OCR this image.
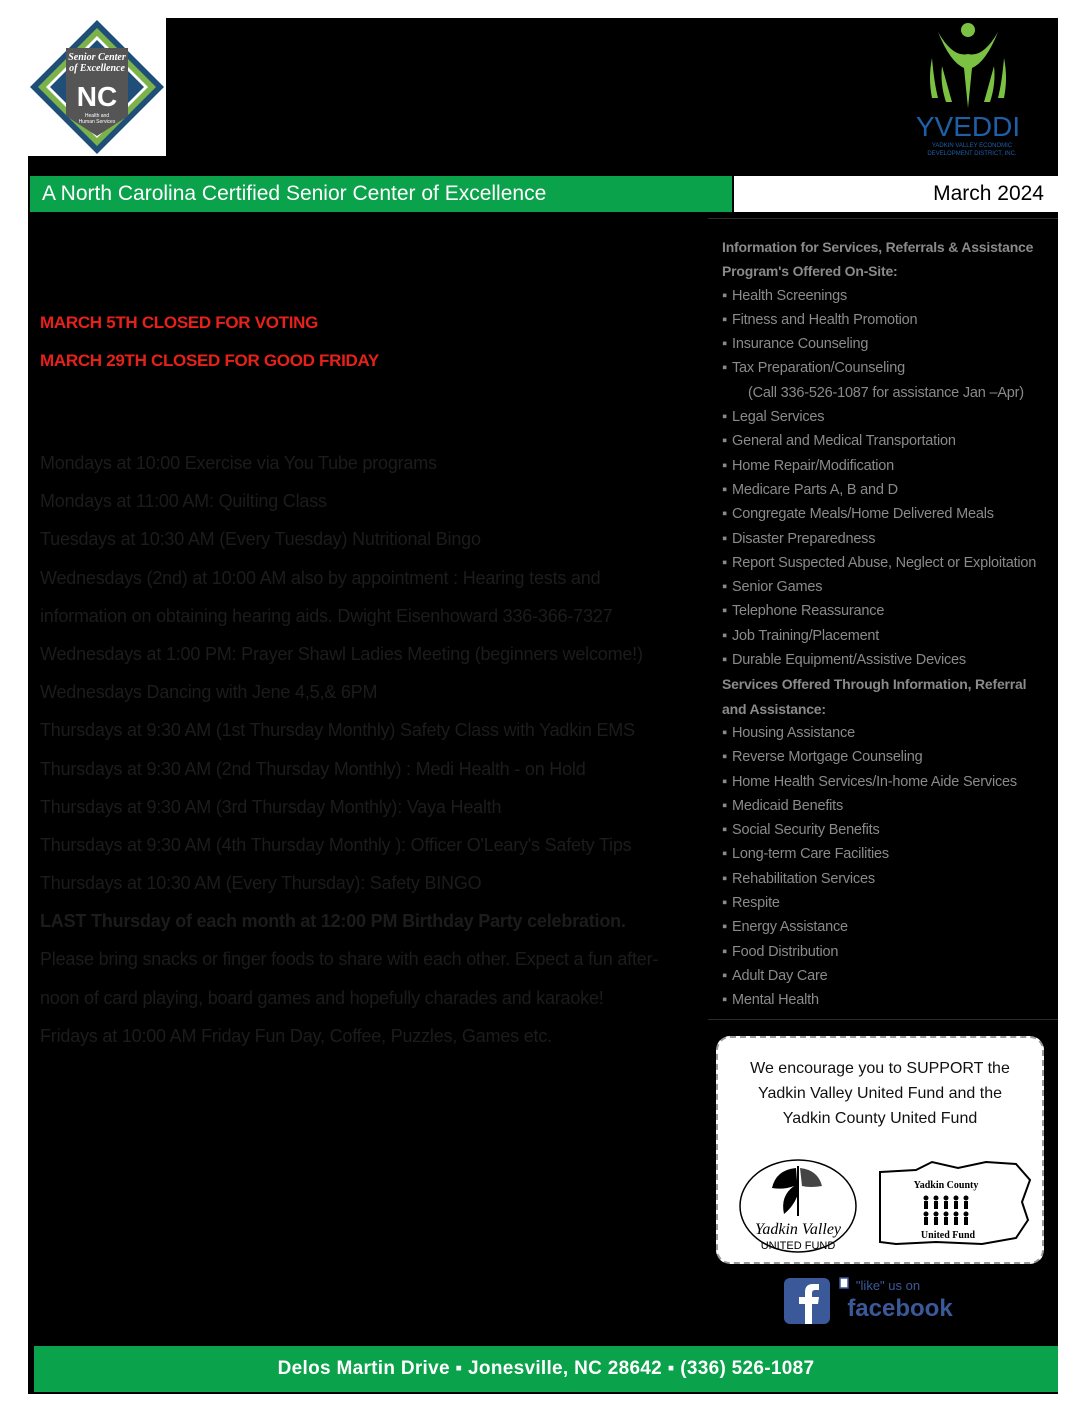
Senior Center
of Excellence
NC
Health and
Human Services	YVEDDI
YADKIN VALLEY ECONOMIC
DEVELOPMENT DISTRICT, INC.
A North Carolina Certified Senior Center of Excellence	March 2024
MARCH 5TH CLOSED FOR VOTING
MARCH 29TH CLOSED FOR GOOD FRIDAY
Mondays at 10:00 Exercise via You Tube programs
Mondays at 11:00 AM: Quilting Class
Tuesdays at 10:30 AM (Every Tuesday) Nutritional Bingo
Wednesdays (2nd) at 10:00 AM also by appointment : Hearing tests and
information on obtaining hearing aids. Dwight Eisenhoward 336-366-7327
Wednesdays at 1:00 PM: Prayer Shawl Ladies Meeting (beginners welcome!)
Wednesdays Dancing with Jene 4,5,& 6PM
Thursdays at 9:30 AM (1st Thursday Monthly) Safety Class with Yadkin EMS
Thursdays at 9:30 AM (2nd Thursday Monthly) : Medi Health - on Hold
Thursdays at 9:30 AM (3rd Thursday Monthly): Vaya Health
Thursdays at 9:30 AM (4th Thursday Monthly ): Officer O'Leary's Safety Tips
Thursdays at 10:30 AM (Every Thursday): Safety BINGO
LAST Thursday of each month at 12:00 PM Birthday Party celebration.
Please bring snacks or finger foods to share with each other. Expect a fun after-
noon of card playing, board games and hopefully charades and karaoke!
Fridays at 10:00 AM Friday Fun Day, Coffee, Puzzles, Games etc.
Information for Services, Referrals & Assistance
Program's Offered On-Site:
▪ Health Screenings
▪ Fitness and Health Promotion
▪ Insurance Counseling
▪ Tax Preparation/Counseling
(Call 336-526-1087 for assistance Jan –Apr)
▪ Legal Services
▪ General and Medical Transportation
▪ Home Repair/Modification
▪ Medicare Parts A, B and D
▪ Congregate Meals/Home Delivered Meals
▪ Disaster Preparedness
▪ Report Suspected Abuse, Neglect or Exploitation
▪ Senior Games
▪ Telephone Reassurance
▪ Job Training/Placement
▪ Durable Equipment/Assistive Devices
Services Offered Through Information, Referral
and Assistance:
▪ Housing Assistance
▪ Reverse Mortgage Counseling
▪ Home Health Services/In-home Aide Services
▪ Medicaid Benefits
▪ Social Security Benefits
▪ Long-term Care Facilities
▪ Rehabilitation Services
▪ Respite
▪ Energy Assistance
▪ Food Distribution
▪ Adult Day Care
▪ Mental Health
We encourage you to SUPPORT the
Yadkin Valley United Fund and the
Yadkin County United Fund
Yadkin Valley
UNITED FUND
Yadkin County
United Fund
"like" us on
facebook
Delos Martin Drive ▪ Jonesville, NC 28642 ▪ (336) 526-1087
